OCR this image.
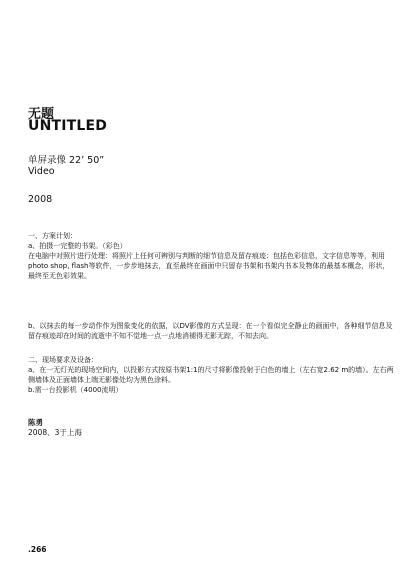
无题
UNTITLED
单屏录像 22’ 50”
Video
2008

一、方案计划：

a、拍摄一完整的书架。（彩色）

在电脑中对照片进行处理：将照片上任何可辨别与判断的细节信息及留存痕迹：包括色彩信息，文字信息等等，利用photo shop, flash等软件，一步步地抹去，直至最终在画面中只留存书架和书架内书本及物体的最基本概念，形状，最终至无色彩效果。

b、以抹去的每一步动作作为图象变化的依据，以DV影像的方式呈现：在一个看似完全静止的画面中，各种细节信息及留存痕迹却在时间的流逝中不知不觉地一点一点地消褪得无影无踪，不知去向。

二、现场要求及设备：

a、在一无灯光的现场空间内，以投影方式按原书架1:1的尺寸将影像投射于白色的墙上（左右宽2.62 m的墙）。左右两侧墙体及正面墙体上端无影像处均为黑色涂料。

b.需一台投影机（4000流明）

陈勇
2008、3于上海
.266
